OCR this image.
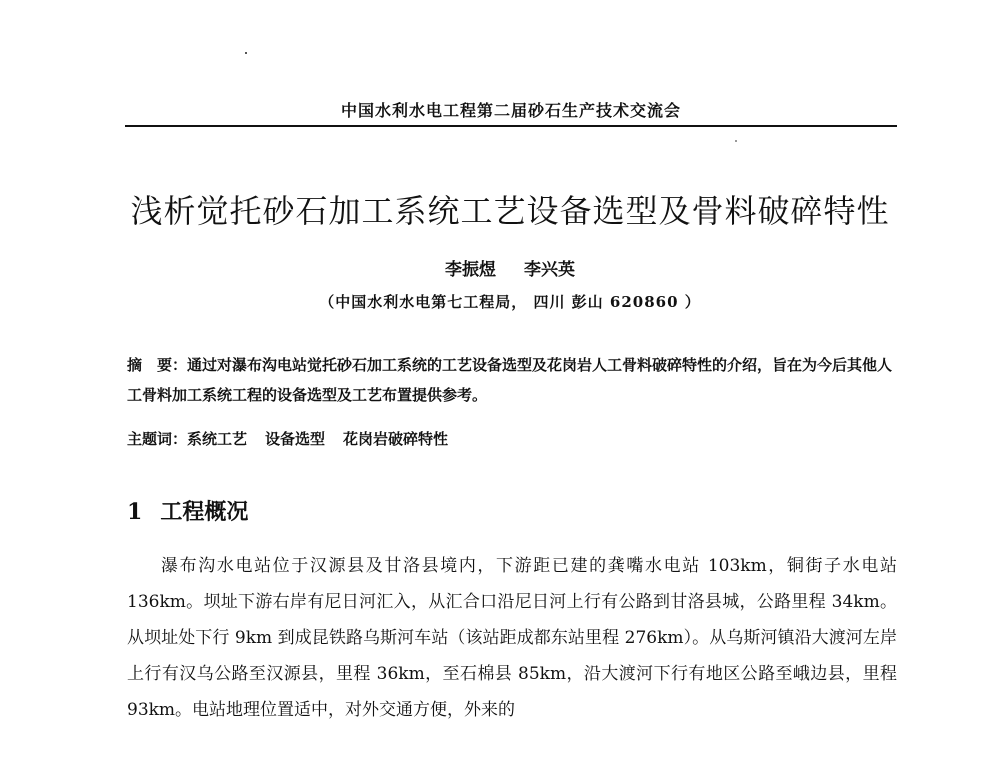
中国水利水电工程第二届砂石生产技术交流会
浅析觉托砂石加工系统工艺设备选型及骨料破碎特性
李振煜 李兴英
（中国水利水电第七工程局， 四川 彭山 620860 ）
摘　要：通过对瀑布沟电站觉托砂石加工系统的工艺设备选型及花岗岩人工骨料破碎特性的介绍，旨在为今后其他人工骨料加工系统工程的设备选型及工艺布置提供参考。
主题词：系统工艺 设备选型 花岗岩破碎特性
1 工程概况

瀑布沟水电站位于汉源县及甘洛县境内，下游距已建的龚嘴水电站 103km，铜街子水电站 136km。坝址下游右岸有尼日河汇入，从汇合口沿尼日河上行有公路到甘洛县城，公路里程 34km。从坝址处下行 9km 到成昆铁路乌斯河车站（该站距成都东站里程 276km）。从乌斯河镇沿大渡河左岸上行有汉乌公路至汉源县，里程 36km，至石棉县 85km，沿大渡河下行有地区公路至峨边县，里程 93km。电站地理位置适中，对外交通方便，外来的
